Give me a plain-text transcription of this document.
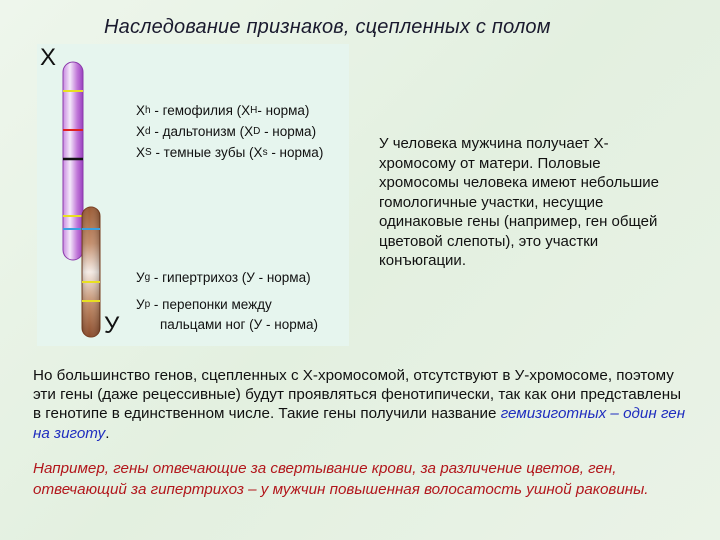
Наследование признаков, сцепленных с полом
Х
У
$X^h$ - гемофилия ($Х^Н-$ норма)
$X^d$ - дальтонизм ($Х^D$ - норма)
$X^S$ - темные зубы ($Х^s$ - норма)
$У^g$ - гипертрихоз (У - норма)
$У^p$ - перепонки между
пальцами ног (У - норма)
У человека мужчина получает Х-хромосому от матери. Половые хромосомы человека имеют небольшие гомологичные участки, несущие одинаковые гены (например, ген общей цветовой слепоты), это участки конъюгации.
Но большинство генов, сцепленных с Х-хромосомой, отсутствуют в У-хромосоме, поэтому эти гены (даже рецессивные) будут проявляться фенотипически, так как они представлены в генотипе в единственном числе. Такие гены получили название гемизиготных – один ген на зиготу.
Например, гены отвечающие за свертывание крови, за различение цветов, ген, отвечающий за гипертрихоз – у мужчин повышенная волосатость ушной раковины.
